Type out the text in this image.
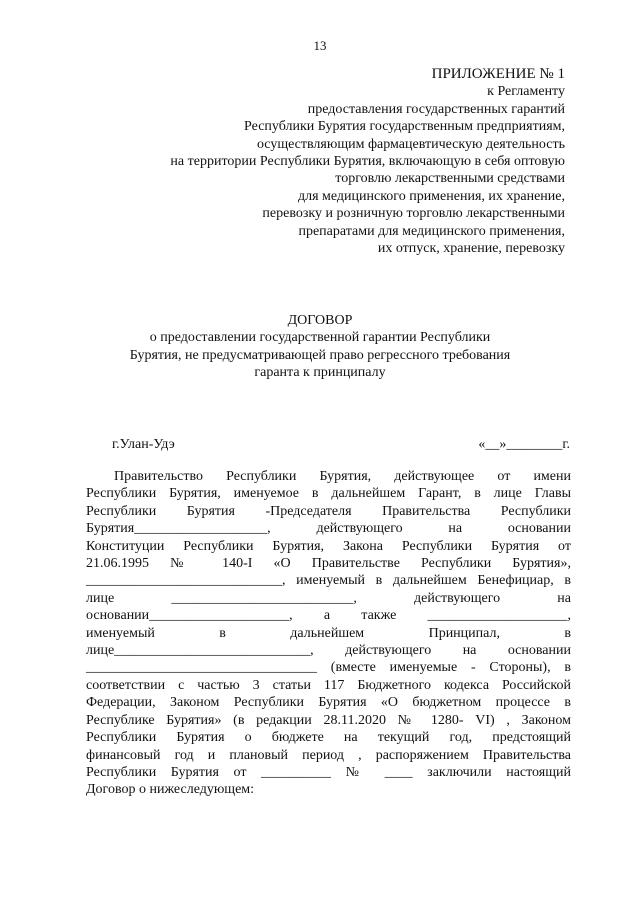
13
ПРИЛОЖЕНИЕ № 1
к Регламенту
предоставления государственных гарантий
Республики Бурятия государственным предприятиям,
осуществляющим фармацевтическую деятельность
на территории Республики Бурятия, включающую в себя оптовую
торговлю лекарственными средствами
для медицинского применения, их хранение,
перевозку и розничную торговлю лекарственными
препаратами для медицинского применения,
их отпуск, хранение, перевозку
ДОГОВОР
о предоставлении государственной гарантии Республики
Бурятия, не предусматривающей право регрессного требования
гаранта к принципалу
г.Улан-Удэ	«__»________г.
Правительство Республики Бурятия, действующее от имени
Республики Бурятия, именуемое в дальнейшем Гарант, в лице Главы
Республики Бурятия -Председателя Правительства Республики
Бурятия___________________, действующего на основании
Конституции Республики Бурятия, Закона Республики Бурятия от
21.06.1995 № 140-I «О Правительстве Республики Бурятия»,
____________________________, именуемый в дальнейшем Бенефициар, в
лице __________________________, действующего на
основании____________________, а также ____________________,
именуемый в дальнейшем Принципал, в
лице____________________________, действующего на основании
_________________________________ (вместе именуемые - Стороны), в
соответствии с частью 3 статьи 117 Бюджетного кодекса Российской
Федерации, Законом Республики Бурятия «О бюджетном процессе в
Республике Бурятия» (в редакции 28.11.2020 № 1280- VI) , Законом
Республики Бурятия о бюджете на текущий год, предстоящий
финансовый год и плановый период , распоряжением Правительства
Республики Бурятия от __________ № ____ заключили настоящий
Договор о нижеследующем:
